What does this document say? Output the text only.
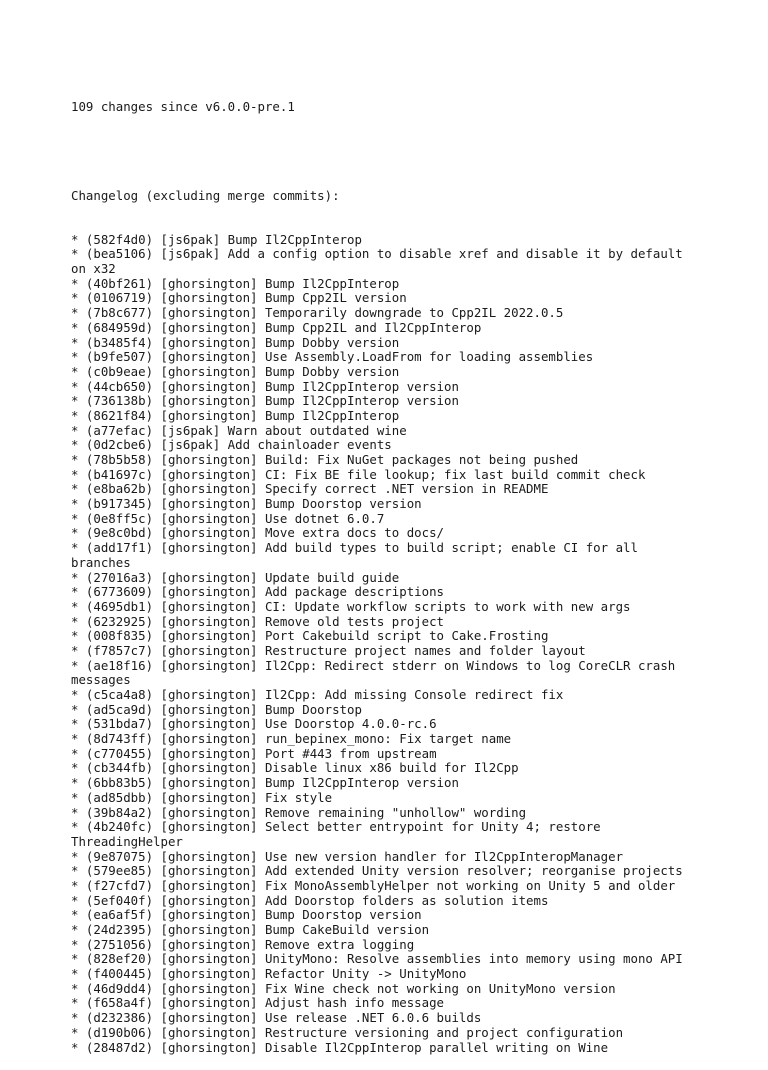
109 changes since v6.0.0-pre.1

Changelog (excluding merge commits):

* (582f4d0) [js6pak] Bump Il2CppInterop
* (bea5106) [js6pak] Add a config option to disable xref and disable it by default
on x32
* (40bf261) [ghorsington] Bump Il2CppInterop
* (0106719) [ghorsington] Bump Cpp2IL version
* (7b8c677) [ghorsington] Temporarily downgrade to Cpp2IL 2022.0.5
* (684959d) [ghorsington] Bump Cpp2IL and Il2CppInterop
* (b3485f4) [ghorsington] Bump Dobby version
* (b9fe507) [ghorsington] Use Assembly.LoadFrom for loading assemblies
* (c0b9eae) [ghorsington] Bump Dobby version
* (44cb650) [ghorsington] Bump Il2CppInterop version
* (736138b) [ghorsington] Bump Il2CppInterop version
* (8621f84) [ghorsington] Bump Il2CppInterop
* (a77efac) [js6pak] Warn about outdated wine
* (0d2cbe6) [js6pak] Add chainloader events
* (78b5b58) [ghorsington] Build: Fix NuGet packages not being pushed
* (b41697c) [ghorsington] CI: Fix BE file lookup; fix last build commit check
* (e8ba62b) [ghorsington] Specify correct .NET version in README
* (b917345) [ghorsington] Bump Doorstop version
* (0e8ff5c) [ghorsington] Use dotnet 6.0.7
* (9e8c0bd) [ghorsington] Move extra docs to docs/
* (add17f1) [ghorsington] Add build types to build script; enable CI for all
branches
* (27016a3) [ghorsington] Update build guide
* (6773609) [ghorsington] Add package descriptions
* (4695db1) [ghorsington] CI: Update workflow scripts to work with new args
* (6232925) [ghorsington] Remove old tests project
* (008f835) [ghorsington] Port Cakebuild script to Cake.Frosting
* (f7857c7) [ghorsington] Restructure project names and folder layout
* (ae18f16) [ghorsington] Il2Cpp: Redirect stderr on Windows to log CoreCLR crash
messages
* (c5ca4a8) [ghorsington] Il2Cpp: Add missing Console redirect fix
* (ad5ca9d) [ghorsington] Bump Doorstop
* (531bda7) [ghorsington] Use Doorstop 4.0.0-rc.6
* (8d743ff) [ghorsington] run_bepinex_mono: Fix target name
* (c770455) [ghorsington] Port #443 from upstream
* (cb344fb) [ghorsington] Disable linux x86 build for Il2Cpp
* (6bb83b5) [ghorsington] Bump Il2CppInterop version
* (ad85dbb) [ghorsington] Fix style
* (39b84a2) [ghorsington] Remove remaining "unhollow" wording
* (4b240fc) [ghorsington] Select better entrypoint for Unity 4; restore
ThreadingHelper
* (9e87075) [ghorsington] Use new version handler for Il2CppInteropManager
* (579ee85) [ghorsington] Add extended Unity version resolver; reorganise projects
* (f27cfd7) [ghorsington] Fix MonoAssemblyHelper not working on Unity 5 and older
* (5ef040f) [ghorsington] Add Doorstop folders as solution items
* (ea6af5f) [ghorsington] Bump Doorstop version
* (24d2395) [ghorsington] Bump CakeBuild version
* (2751056) [ghorsington] Remove extra logging
* (828ef20) [ghorsington] UnityMono: Resolve assemblies into memory using mono API
* (f400445) [ghorsington] Refactor Unity -> UnityMono
* (46d9dd4) [ghorsington] Fix Wine check not working on UnityMono version
* (f658a4f) [ghorsington] Adjust hash info message
* (d232386) [ghorsington] Use release .NET 6.0.6 builds
* (d190b06) [ghorsington] Restructure versioning and project configuration
* (28487d2) [ghorsington] Disable Il2CppInterop parallel writing on Wine
